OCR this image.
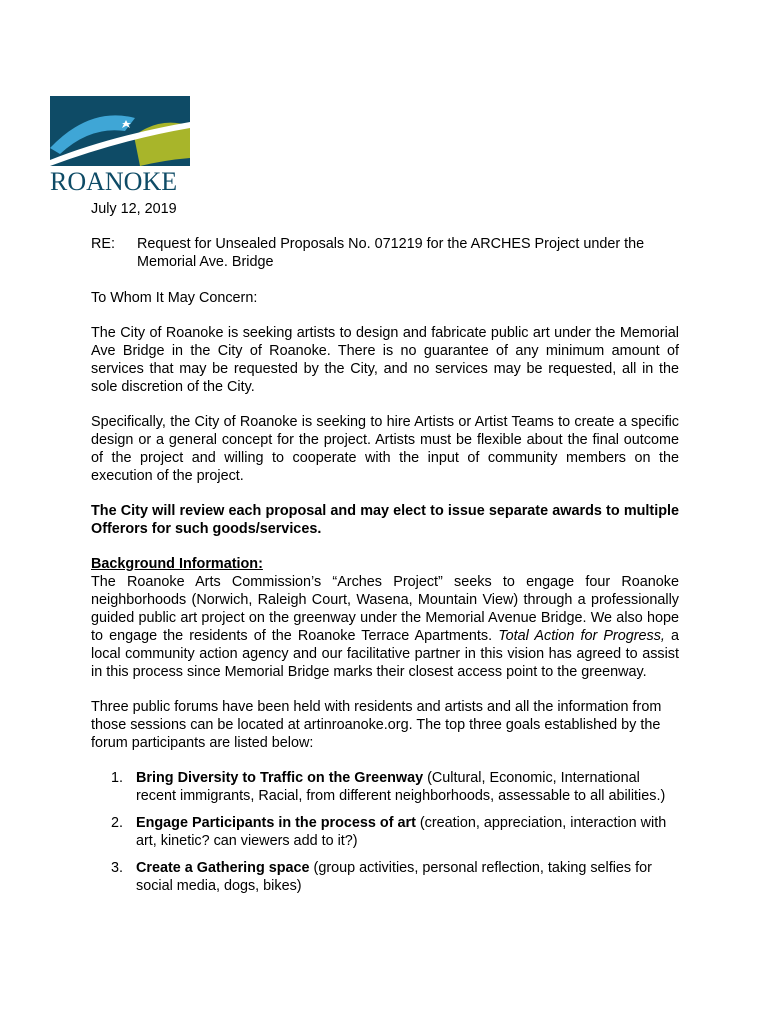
ROANOKE
July 12, 2019
RE:	Request for Unsealed Proposals No. 071219 for the ARCHES Project under the Memorial Ave. Bridge
To Whom It May Concern:
The City of Roanoke is seeking artists to design and fabricate public art under the Memorial Ave Bridge in the City of Roanoke. There is no guarantee of any minimum amount of services that may be requested by the City, and no services may be requested, all in the sole discretion of the City.
Specifically, the City of Roanoke is seeking to hire Artists or Artist Teams to create a specific design or a general concept for the project. Artists must be flexible about the final outcome of the project and willing to cooperate with the input of community members on the execution of the project.
The City will review each proposal and may elect to issue separate awards to multiple Offerors for such goods/services.
Background Information:
The Roanoke Arts Commission’s “Arches Project” seeks to engage four Roanoke neighborhoods (Norwich, Raleigh Court, Wasena, Mountain View) through a professionally guided public art project on the greenway under the Memorial Avenue Bridge. We also hope to engage the residents of the Roanoke Terrace Apartments. Total Action for Progress, a local community action agency and our facilitative partner in this vision has agreed to assist in this process since Memorial Bridge marks their closest access point to the greenway.
Three public forums have been held with residents and artists and all the information from those sessions can be located at artinroanoke.org. The top three goals established by the forum participants are listed below:
1. Bring Diversity to Traffic on the Greenway (Cultural, Economic, International recent immigrants, Racial, from different neighborhoods, assessable to all abilities.)
2. Engage Participants in the process of art (creation, appreciation, interaction with art, kinetic? can viewers add to it?)
3. Create a Gathering space (group activities, personal reflection, taking selfies for social media, dogs, bikes)
